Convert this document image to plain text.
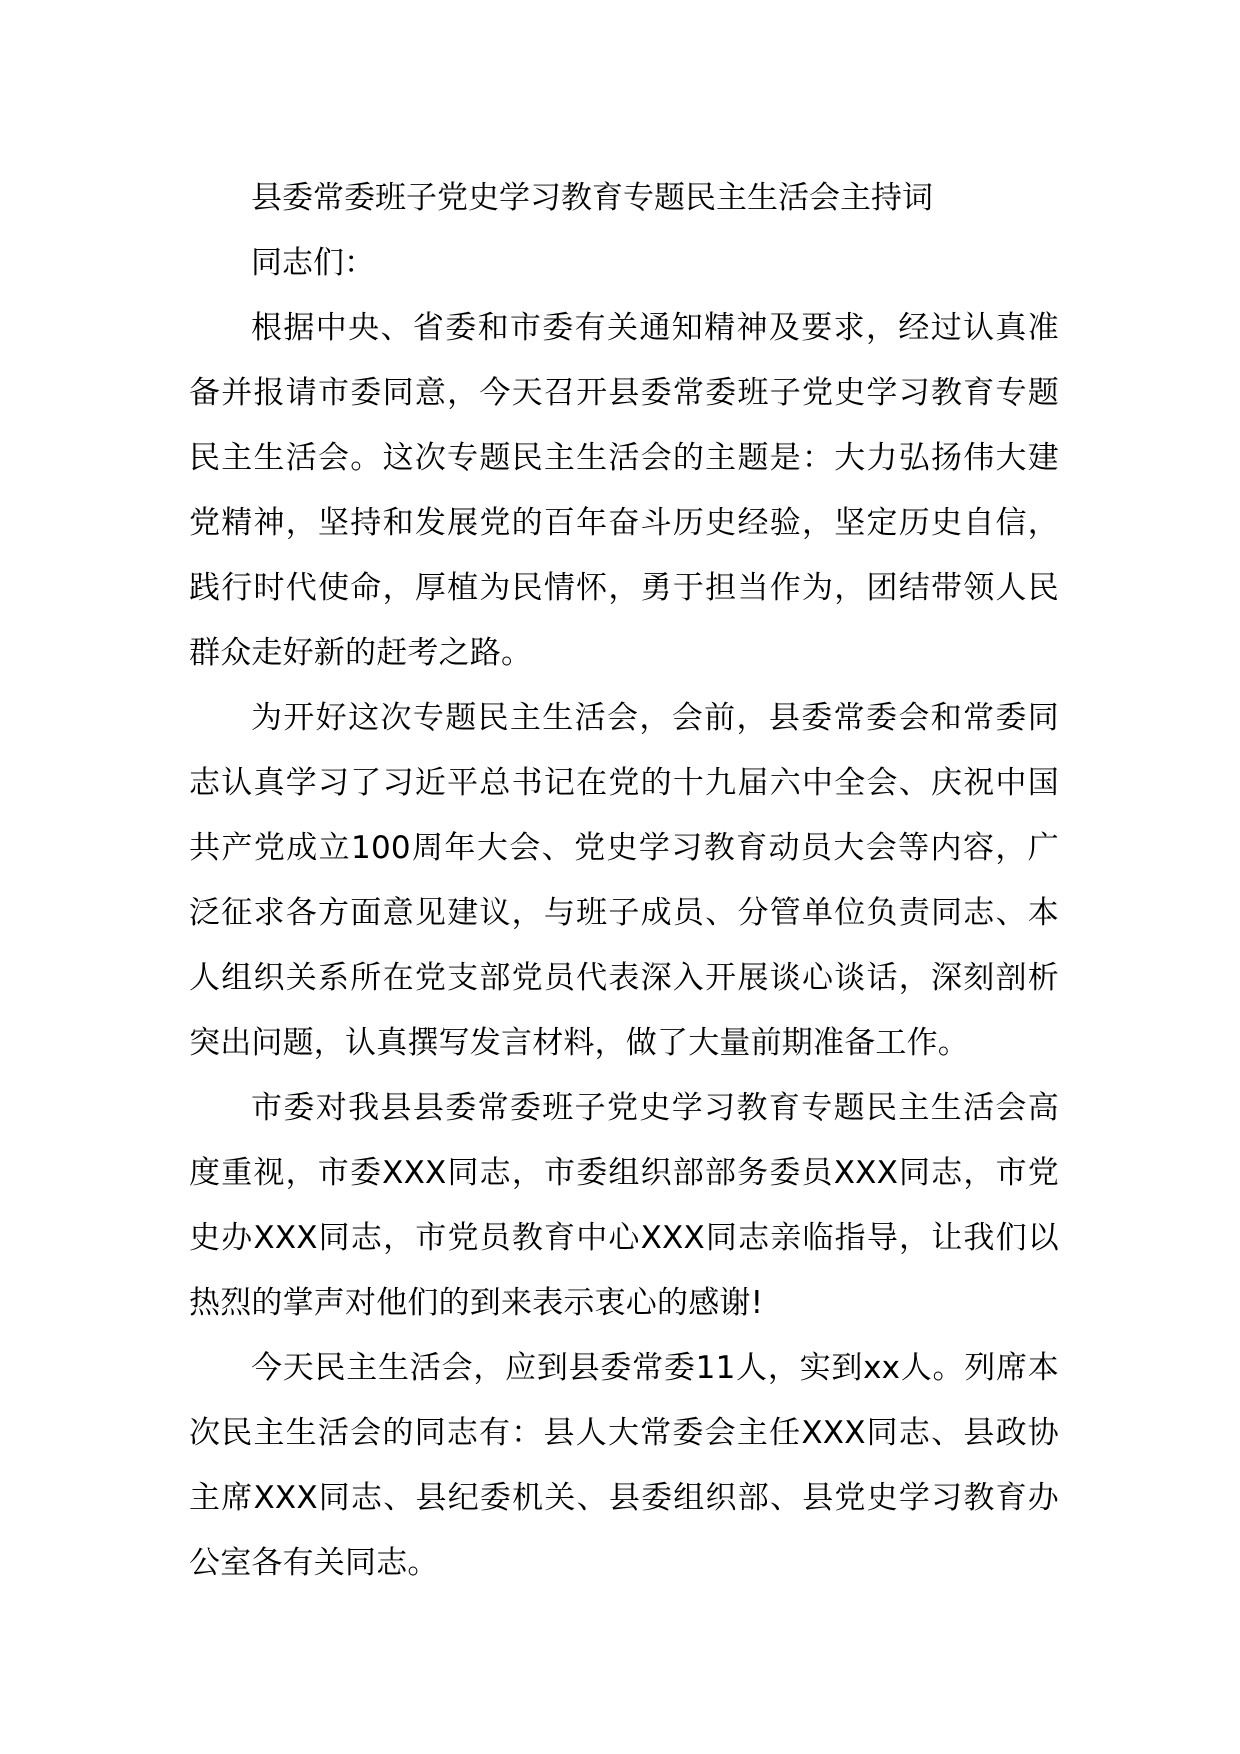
县委常委班子党史学习教育专题民主生活会主持词

同志们：

根据中央、省委和市委有关通知精神及要求，经过认真准备并报请市委同意，今天召开县委常委班子党史学习教育专题民主生活会。这次专题民主生活会的主题是：大力弘扬伟大建党精神，坚持和发展党的百年奋斗历史经验，坚定历史自信，践行时代使命，厚植为民情怀，勇于担当作为，团结带领人民群众走好新的赶考之路。

为开好这次专题民主生活会，会前，县委常委会和常委同志认真学习了习近平总书记在党的十九届六中全会、庆祝中国共产党成立100周年大会、党史学习教育动员大会等内容，广泛征求各方面意见建议，与班子成员、分管单位负责同志、本人组织关系所在党支部党员代表深入开展谈心谈话，深刻剖析突出问题，认真撰写发言材料，做了大量前期准备工作。

市委对我县县委常委班子党史学习教育专题民主生活会高度重视，市委XXX同志，市委组织部部务委员XXX同志，市党史办XXX同志，市党员教育中心XXX同志亲临指导，让我们以热烈的掌声对他们的到来表示衷心的感谢!

今天民主生活会，应到县委常委11人，实到xx人。列席本次民主生活会的同志有：县人大常委会主任XXX同志、县政协主席XXX同志、县纪委机关、县委组织部、县党史学习教育办公室各有关同志。
